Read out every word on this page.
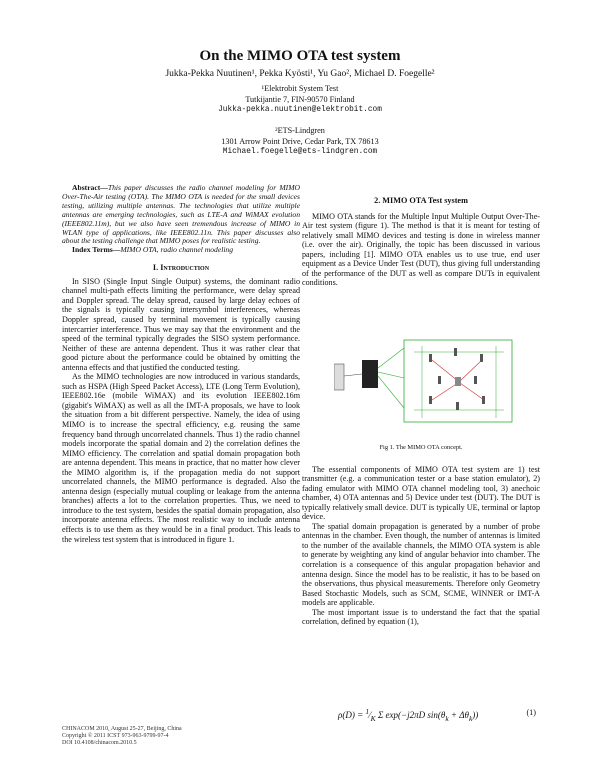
On the MIMO OTA test system
Jukka-Pekka Nuutinen¹, Pekka Kyösti¹, Yu Gao², Michael D. Foegelle²
¹Elektrobit System Test
Tutkijantie 7, FIN-90570 Finland
Jukka-pekka.nuutinen@elektrobit.com
²ETS-Lindgren
1301 Arrow Point Drive, Cedar Park, TX 78613
Michael.foegelle@ets-lindgren.com
Abstract—This paper discusses the radio channel modeling for MIMO Over-The-Air testing (OTA). The MIMO OTA is needed for the small devices testing, utilizing multiple antennas. The technologies that utilize multiple antennas are emerging technologies, such as LTE-A and WiMAX evolution (IEEE802.11m), but we also have seen tremendous increase of MIMO in WLAN type of applications, like IEEE802.11n. This paper discusses also about the testing challenge that MIMO poses for realistic testing.
Index Terms—MIMO OTA, radio channel modeling
I. Introduction

In SISO (Single Input Single Output) systems, the dominant radio channel multi-path effects limiting the performance, were delay spread and Doppler spread. The delay spread, caused by large delay echoes of the signals is typically causing intersymbol interferences, whereas Doppler spread, caused by terminal movement is typically causing intercarrier interference. Thus we may say that the environment and the speed of the terminal typically degrades the SISO system performance. Neither of these are antenna dependent. Thus it was rather clear that good picture about the performance could be obtained by omitting the antenna effects and that justified the conducted testing.

As the MIMO technologies are now introduced in various standards, such as HSPA (High Speed Packet Access), LTE (Long Term Evolution), IEEE802.16e (mobile WiMAX) and its evolution IEEE802.16m (gigabit's WiMAX) as well as all the IMT-A proposals, we have to look the situation from a bit different perspective. Namely, the idea of using MIMO is to increase the spectral efficiency, e.g. reusing the same frequency band through uncorrelated channels. Thus 1) the radio channel models incorporate the spatial domain and 2) the correlation defines the MIMO efficiency. The correlation and spatial domain propagation both are antenna dependent. This means in practice, that no matter how clever the MIMO algorithm is, if the propagation media do not support uncorrelated channels, the MIMO performance is degraded. Also the antenna design (especially mutual coupling or leakage from the antenna branches) affects a lot to the correlation properties. Thus, we need to introduce to the test system, besides the spatial domain propagation, also incorporate antenna effects. The most realistic way to include antenna effects is to use them as they would be in a final product. This leads to the wireless test system that is introduced in figure 1.

CHINACOM 2010, August 25-27, Beijing, China
Copyright © 2011 ICST 973-963-9799-97-4
DOI 10.4108/chinacom.2010.5
2. MIMO OTA Test system

MIMO OTA stands for the Multiple Input Multiple Output Over-The-Air test system (figure 1). The method is that it is meant for testing of relatively small MIMO devices and testing is done in wireless manner (i.e. over the air). Originally, the topic has been discussed in various papers, including [1]. MIMO OTA enables us to use true, end user equipment as a Device Under Test (DUT), thus giving full understanding of the performance of the DUT as well as compare DUTs in equivalent conditions.

Fig 1. The MIMO OTA concept.

The essential components of MIMO OTA test system are 1) test transmitter (e.g. a communication tester or a base station emulator), 2) fading emulator with MIMO OTA channel modeling tool, 3) anechoic chamber, 4) OTA antennas and 5) Device under test (DUT). The DUT is typically relatively small device. DUT is typically UE, terminal or laptop device.

The spatial domain propagation is generated by a number of probe antennas in the chamber. Even though, the number of antennas is limited to the number of the available channels, the MIMO OTA system is able to generate by weighting any kind of angular behavior into chamber. The correlation is a consequence of this angular propagation behavior and antenna design. Since the model has to be realistic, it has to be based on the observations, thus physical measurements. Therefore only Geometry Based Stochastic Models, such as SCM, SCME, WINNER or IMT-A models are applicable.

The most important issue is to understand the fact that the spatial correlation, defined by equation (1),

$\rho(D) = ^1⁄_K$ Σ exp(−j2πD $\sin(\theta_k + \Delta\theta_k)$)	(1)
